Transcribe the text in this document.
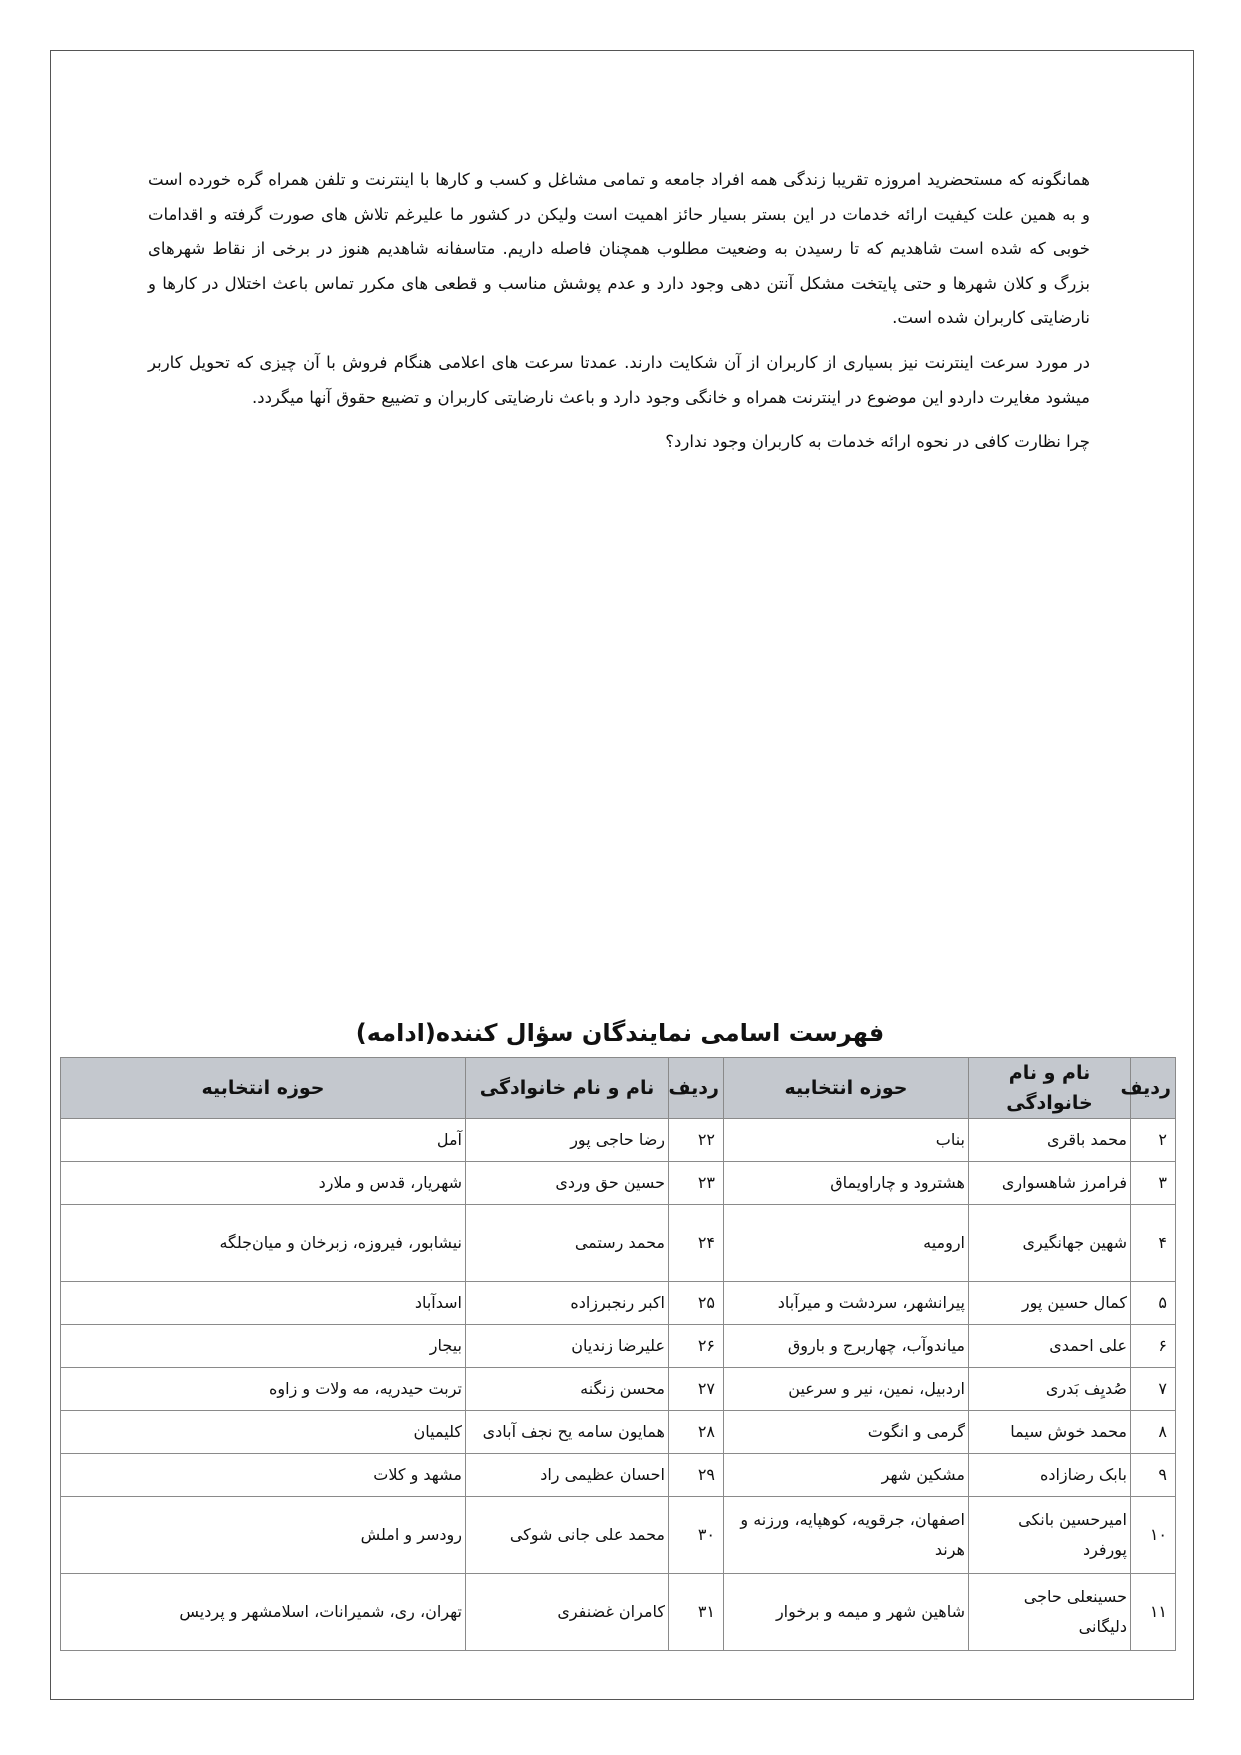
همانگونه که مستحضرید امروزه تقریبا زندگی همه افراد جامعه و تمامی مشاغل و کسب و کارها با اینترنت و تلفن همراه گره خورده است و به همین علت کیفیت ارائه خدمات در این بستر بسیار حائز اهمیت است ولیکن در کشور ما علیرغم تلاش های صورت گرفته و اقدامات خوبی که شده است شاهدیم که تا رسیدن به وضعیت مطلوب همچنان فاصله داریم. متاسفانه شاهدیم هنوز در برخی از نقاط شهرهای بزرگ و کلان شهرها و حتی پایتخت مشکل آنتن دهی وجود دارد و عدم پوشش مناسب و قطعی های مکرر تماس باعث اختلال در کارها و نارضایتی کاربران شده است.

در مورد سرعت اینترنت نیز بسیاری از کاربران از آن شکایت دارند. عمدتا سرعت های اعلامی هنگام فروش با آن چیزی که تحویل کاربر میشود مغایرت داردو این موضوع در اینترنت همراه و خانگی وجود دارد و باعث نارضایتی کاربران و تضییع حقوق آنها میگردد.

چرا نظارت کافی در نحوه ارائه خدمات به کاربران وجود ندارد؟

فهرست اسامی نمایندگان سؤال کننده(ادامه)
ردیف	نام و نام خانوادگی	حوزه انتخابیه	ردیف	نام و نام خانوادگی	حوزه انتخابیه
۲	محمد باقری	بناب	۲۲	رضا حاجی پور	آمل
۳	فرامرز شاهسواری	هشترود و چاراویماق	۲۳	حسین حق وردی	شهریار، قدس و ملارد
۴	شهین جهانگیری	ارومیه	۲۴	محمد رستمی	نیشابور، فیروزه، زبرخان و میان‌جلگه
۵	کمال حسین پور	پیرانشهر، سردشت و میرآباد	۲۵	اکبر رنجبرزاده	اسدآباد
۶	علی احمدی	میاندوآب، چهاربرج و باروق	۲۶	علیرضا زندیان	بیجار
۷	صُدیِف بَدری	اردبیل، نمین، نیر و سرعین	۲۷	محسن زنگنه	تربت حیدریه، مه ولات و زاوه
۸	محمد خوش سیما	گرمی و انگوت	۲۸	همایون سامه یح نجف آبادی	کلیمیان
۹	بابک رضازاده	مشکین شهر	۲۹	احسان عظیمی راد	مشهد و کلات
۱۰	امیرحسین بانکی پورفرد	اصفهان، جرقویه، کوهپایه، ورزنه و هرند	۳۰	محمد علی جانی شوکی	رودسر و املش
۱۱	حسینعلی حاجی دلیگانی	شاهین شهر و میمه و برخوار	۳۱	کامران غضنفری	تهران، ری، شمیرانات، اسلامشهر و پردیس
